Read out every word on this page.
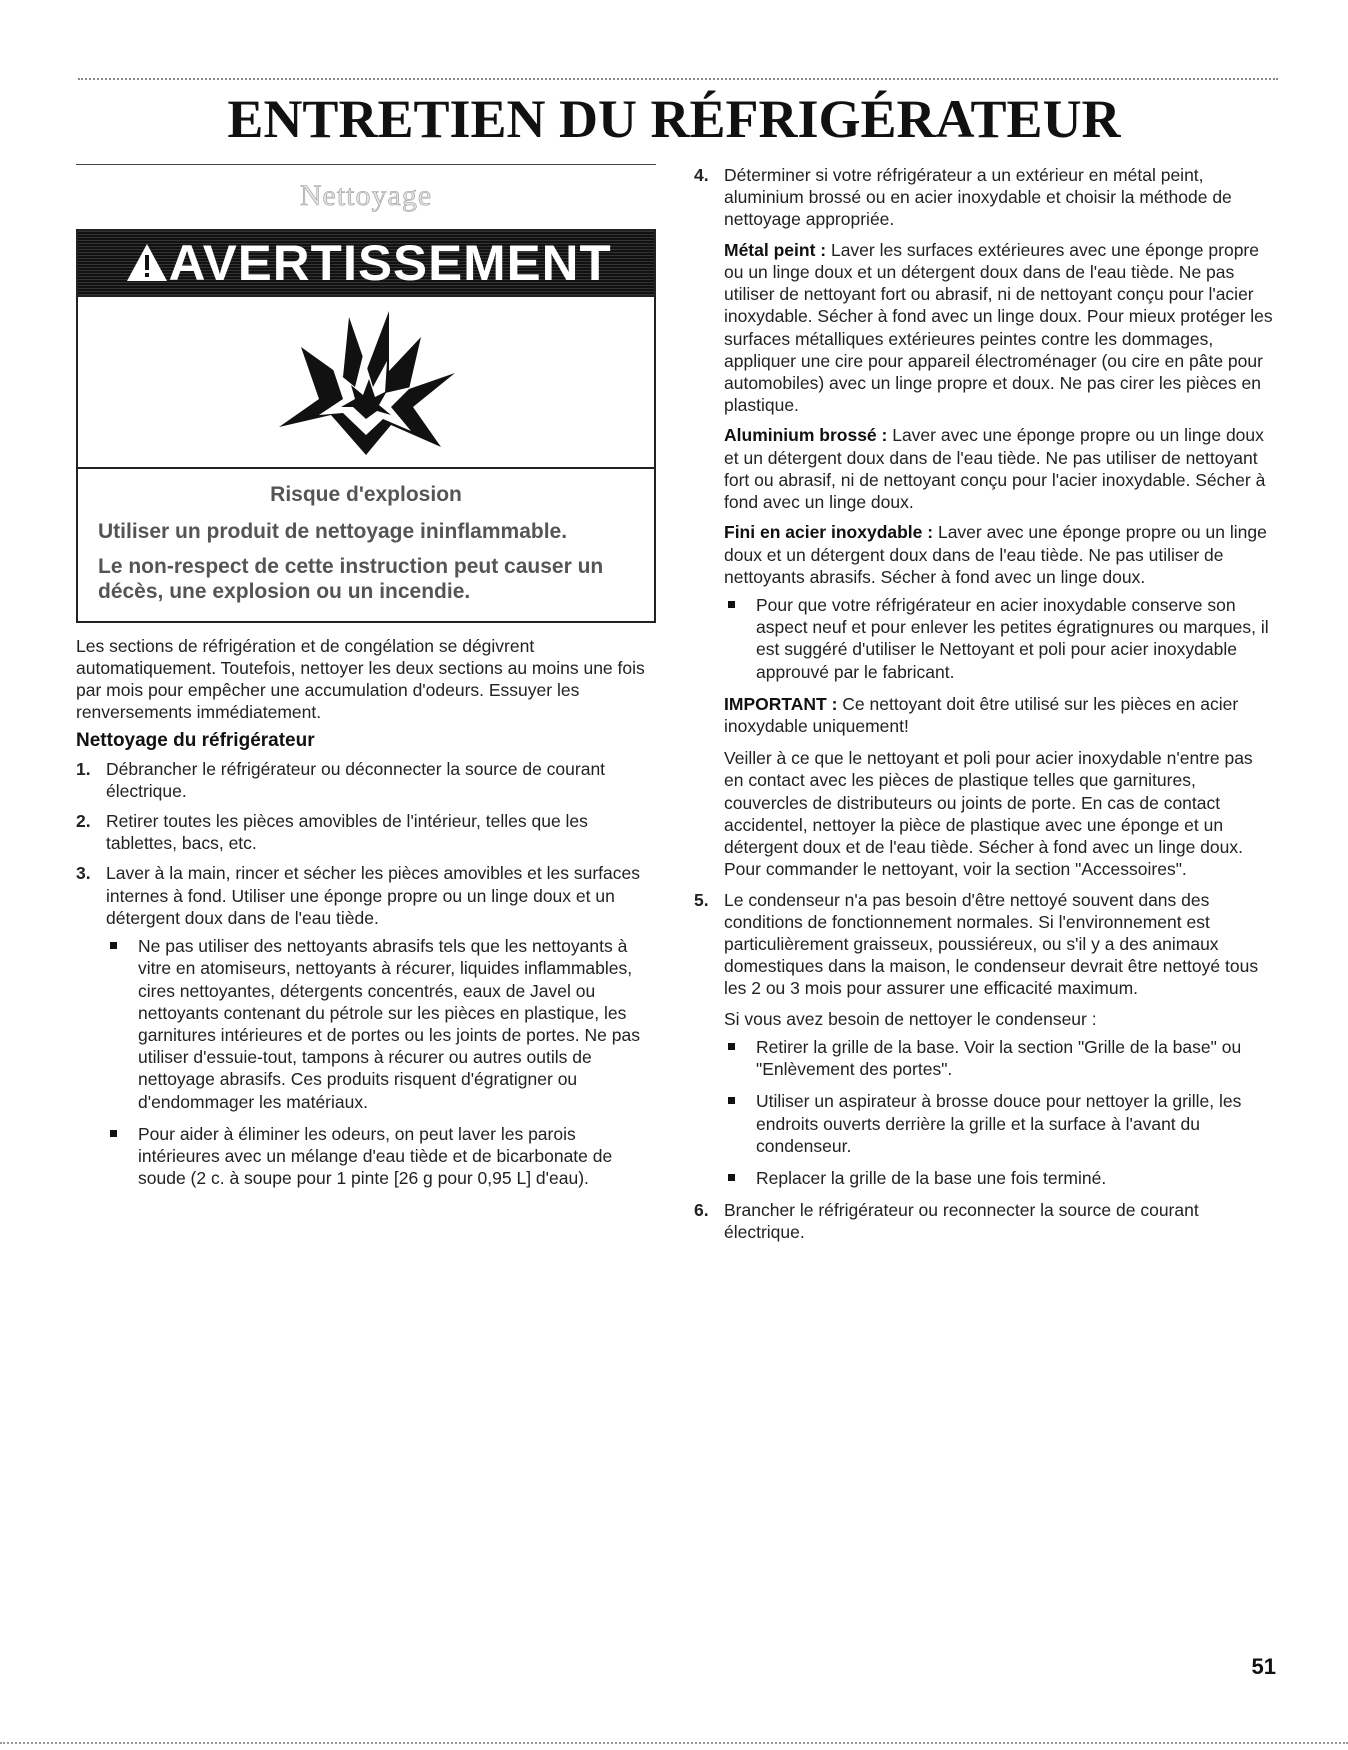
ENTRETIEN DU RÉFRIGÉRATEUR
Nettoyage
AVERTISSEMENT
Risque d'explosion

Utiliser un produit de nettoyage ininflammable.

Le non-respect de cette instruction peut causer un décès, une explosion ou un incendie.

Les sections de réfrigération et de congélation se dégivrent automatiquement. Toutefois, nettoyer les deux sections au moins une fois par mois pour empêcher une accumulation d'odeurs. Essuyer les renversements immédiatement.

Nettoyage du réfrigérateur
1. Débrancher le réfrigérateur ou déconnecter la source de courant électrique.
2. Retirer toutes les pièces amovibles de l'intérieur, telles que les tablettes, bacs, etc.
3. Laver à la main, rincer et sécher les pièces amovibles et les surfaces internes à fond. Utiliser une éponge propre ou un linge doux et un détergent doux dans de l'eau tiède.
Ne pas utiliser des nettoyants abrasifs tels que les nettoyants à vitre en atomiseurs, nettoyants à récurer, liquides inflammables, cires nettoyantes, détergents concentrés, eaux de Javel ou nettoyants contenant du pétrole sur les pièces en plastique, les garnitures intérieures et de portes ou les joints de portes. Ne pas utiliser d'essuie-tout, tampons à récurer ou autres outils de nettoyage abrasifs. Ces produits risquent d'égratigner ou d'endommager les matériaux.
Pour aider à éliminer les odeurs, on peut laver les parois intérieures avec un mélange d'eau tiède et de bicarbonate de soude (2 c. à soupe pour 1 pinte [26 g pour 0,95 L] d'eau).
4. Déterminer si votre réfrigérateur a un extérieur en métal peint, aluminium brossé ou en acier inoxydable et choisir la méthode de nettoyage appropriée.

Métal peint : Laver les surfaces extérieures avec une éponge propre ou un linge doux et un détergent doux dans de l'eau tiède. Ne pas utiliser de nettoyant fort ou abrasif, ni de nettoyant conçu pour l'acier inoxydable. Sécher à fond avec un linge doux. Pour mieux protéger les surfaces métalliques extérieures peintes contre les dommages, appliquer une cire pour appareil électroménager (ou cire en pâte pour automobiles) avec un linge propre et doux. Ne pas cirer les pièces en plastique.

Aluminium brossé : Laver avec une éponge propre ou un linge doux et un détergent doux dans de l'eau tiède. Ne pas utiliser de nettoyant fort ou abrasif, ni de nettoyant conçu pour l'acier inoxydable. Sécher à fond avec un linge doux.

Fini en acier inoxydable : Laver avec une éponge propre ou un linge doux et un détergent doux dans de l'eau tiède. Ne pas utiliser de nettoyants abrasifs. Sécher à fond avec un linge doux.

Pour que votre réfrigérateur en acier inoxydable conserve son aspect neuf et pour enlever les petites égratignures ou marques, il est suggéré d'utiliser le Nettoyant et poli pour acier inoxydable approuvé par le fabricant.

IMPORTANT : Ce nettoyant doit être utilisé sur les pièces en acier inoxydable uniquement!

Veiller à ce que le nettoyant et poli pour acier inoxydable n'entre pas en contact avec les pièces de plastique telles que garnitures, couvercles de distributeurs ou joints de porte. En cas de contact accidentel, nettoyer la pièce de plastique avec une éponge et un détergent doux et de l'eau tiède. Sécher à fond avec un linge doux. Pour commander le nettoyant, voir la section "Accessoires".

5. Le condenseur n'a pas besoin d'être nettoyé souvent dans des conditions de fonctionnement normales. Si l'environnement est particulièrement graisseux, poussiéreux, ou s'il y a des animaux domestiques dans la maison, le condenseur devrait être nettoyé tous les 2 ou 3 mois pour assurer une efficacité maximum.

Si vous avez besoin de nettoyer le condenseur :

Retirer la grille de la base. Voir la section "Grille de la base" ou "Enlèvement des portes".
Utiliser un aspirateur à brosse douce pour nettoyer la grille, les endroits ouverts derrière la grille et la surface à l'avant du condenseur.
Replacer la grille de la base une fois terminé.
6. Brancher le réfrigérateur ou reconnecter la source de courant électrique.
51
